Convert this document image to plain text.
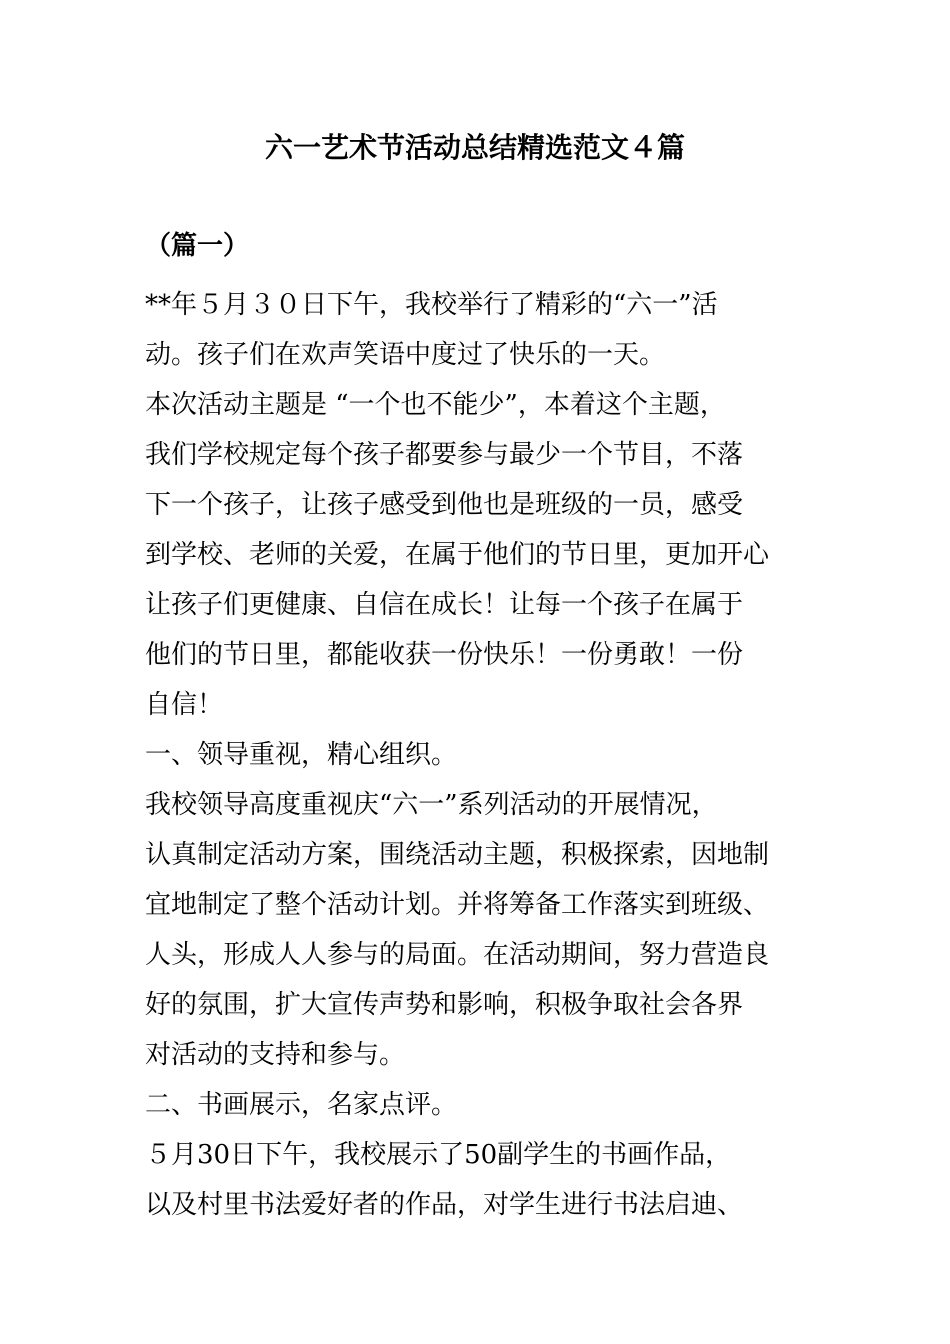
六一艺术节活动总结精选范文４篇
（篇一）
**年５月３０日下午，我校举行了精彩的“六一”活
动。孩子们在欢声笑语中度过了快乐的一天。
本次活动主题是 “一个也不能少”，本着这个主题，
我们学校规定每个孩子都要参与最少一个节目，不落
下一个孩子，让孩子感受到他也是班级的一员，感受
到学校、老师的关爱，在属于他们的节日里，更加开心
让孩子们更健康、自信在成长！让每一个孩子在属于
他们的节日里，都能收获一份快乐！一份勇敢！一份
自信！
一、领导重视，精心组织。
我校领导高度重视庆“六一”系列活动的开展情况，
认真制定活动方案，围绕活动主题，积极探索，因地制
宜地制定了整个活动计划。并将筹备工作落实到班级、
人头，形成人人参与的局面。在活动期间，努力营造良
好的氛围，扩大宣传声势和影响，积极争取社会各界
对活动的支持和参与。
二、书画展示，名家点评。
５月30日下午，我校展示了50副学生的书画作品，
以及村里书法爱好者的作品，对学生进行书法启迪、
